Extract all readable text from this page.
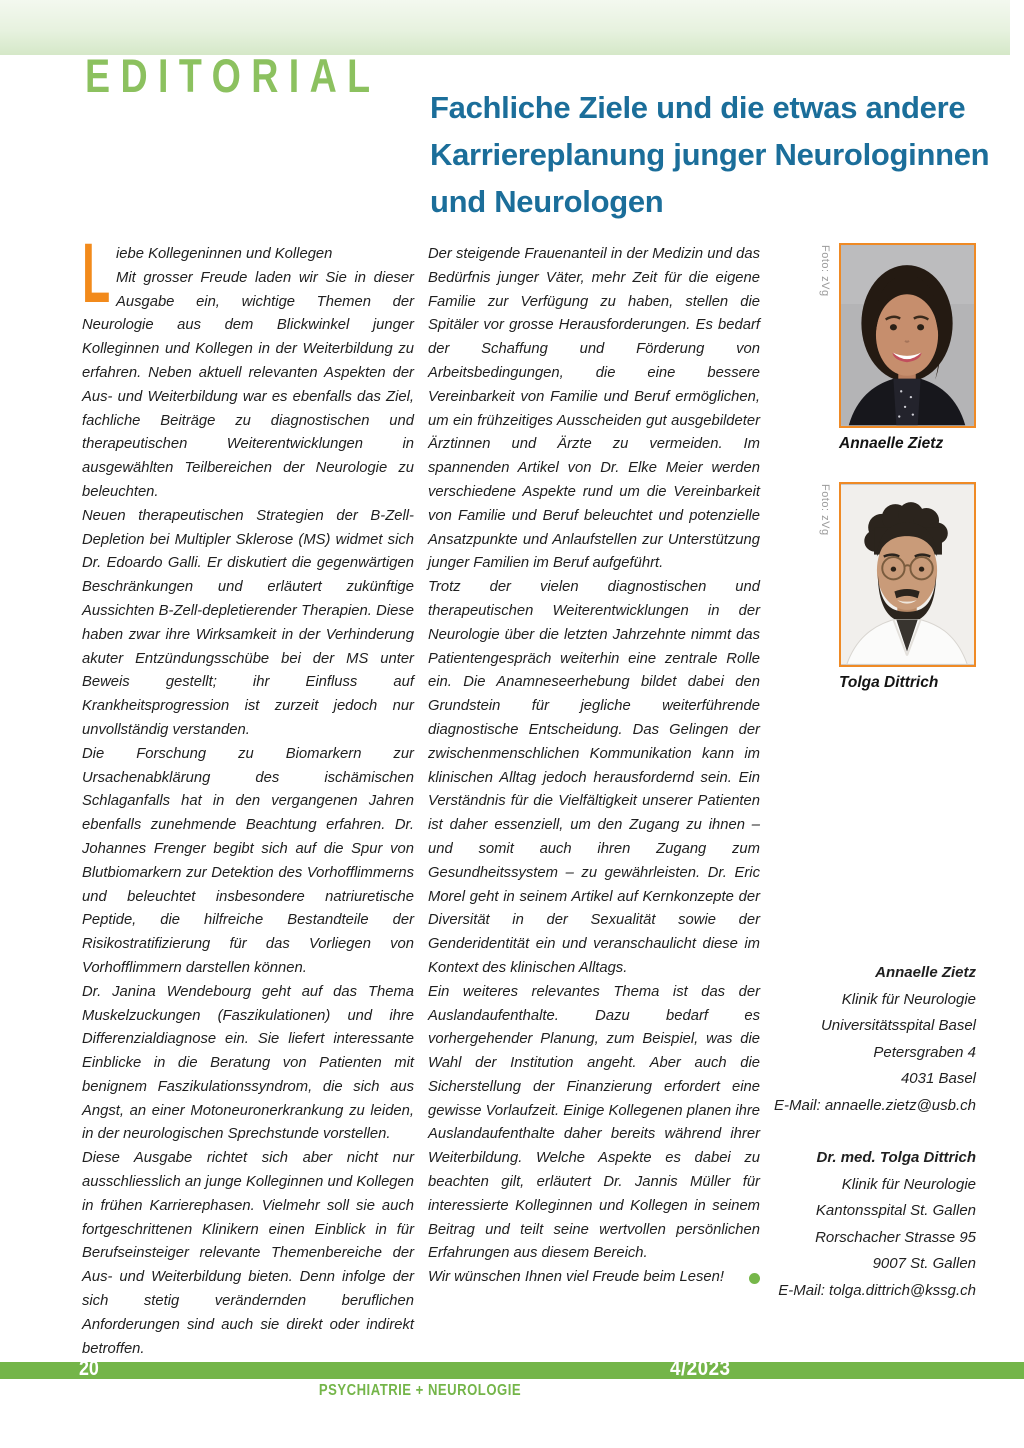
EDITORIAL
Fachliche Ziele und die etwas andere Karriereplanung junger Neurologinnen und Neurologen

Liebe Kollegeninnen und Kollegen
Mit grosser Freude laden wir Sie in dieser Ausgabe ein, wichtige Themen der Neurologie aus dem Blickwinkel junger Kolleginnen und Kollegen in der Weiterbildung zu erfahren. Neben aktuell relevanten Aspekten der Aus- und Weiterbildung war es ebenfalls das Ziel, fachliche Beiträge zu diagnostischen und therapeutischen Weiterentwicklungen in ausgewählten Teilbereichen der Neurologie zu beleuchten.

Neuen therapeutischen Strategien der B-Zell-Depletion bei Multipler Sklerose (MS) widmet sich Dr. Edoardo Galli. Er diskutiert die gegenwärtigen Beschränkungen und erläutert zukünftige Aussichten B-Zell-depletierender Therapien. Diese haben zwar ihre Wirksamkeit in der Verhinderung akuter Entzündungsschübe bei der MS unter Beweis gestellt; ihr Einfluss auf Krankheitsprogression ist zurzeit jedoch nur unvollständig verstanden.

Die Forschung zu Biomarkern zur Ursachenabklärung des ischämischen Schlaganfalls hat in den vergangenen Jahren ebenfalls zunehmende Beachtung erfahren. Dr. Johannes Frenger begibt sich auf die Spur von Blutbiomarkern zur Detektion des Vorhofflimmerns und beleuchtet insbesondere natriuretische Peptide, die hilfreiche Bestandteile der Risikostratifizierung für das Vorliegen von Vorhofflimmern darstellen können.

Dr. Janina Wendebourg geht auf das Thema Muskelzuckungen (Faszikulationen) und ihre Differenzialdiagnose ein. Sie liefert interessante Einblicke in die Beratung von Patienten mit benignem Faszikulationssyndrom, die sich aus Angst, an einer Motoneuronerkrankung zu leiden, in der neurologischen Sprechstunde vorstellen.

Diese Ausgabe richtet sich aber nicht nur ausschliesslich an junge Kolleginnen und Kollegen in frühen Karrierephasen. Vielmehr soll sie auch fortgeschrittenen Klinikern einen Einblick in für Berufseinsteiger relevante Themenbereiche der Aus- und Weiterbildung bieten. Denn infolge der sich stetig verändernden beruflichen Anforderungen sind auch sie direkt oder indirekt betroffen.

Der steigende Frauenanteil in der Medizin und das Bedürfnis junger Väter, mehr Zeit für die eigene Familie zur Verfügung zu haben, stellen die Spitäler vor grosse Herausforderungen. Es bedarf der Schaffung und Förderung von Arbeitsbedingungen, die eine bessere Vereinbarkeit von Familie und Beruf ermöglichen, um ein frühzeitiges Ausscheiden gut ausgebildeter Ärztinnen und Ärzte zu vermeiden. Im spannenden Artikel von Dr. Elke Meier werden verschiedene Aspekte rund um die Vereinbarkeit von Familie und Beruf beleuchtet und potenzielle Ansatzpunkte und Anlaufstellen zur Unterstützung junger Familien im Beruf aufgeführt.

Trotz der vielen diagnostischen und therapeutischen Weiterentwicklungen in der Neurologie über die letzten Jahrzehnte nimmt das Patientengespräch weiterhin eine zentrale Rolle ein. Die Anamneseerhebung bildet dabei den Grundstein für jegliche weiterführende diagnostische Entscheidung. Das Gelingen der zwischenmenschlichen Kommunikation kann im klinischen Alltag jedoch herausfordernd sein. Ein Verständnis für die Vielfältigkeit unserer Patienten ist daher essenziell, um den Zugang zu ihnen – und somit auch ihren Zugang zum Gesundheitssystem – zu gewährleisten. Dr. Eric Morel geht in seinem Artikel auf Kernkonzepte der Diversität in der Sexualität sowie der Genderidentität ein und veranschaulicht diese im Kontext des klinischen Alltags.

Ein weiteres relevantes Thema ist das der Auslandaufenthalte. Dazu bedarf es vorhergehender Planung, zum Beispiel, was die Wahl der Institution angeht. Aber auch die Sicherstellung der Finanzierung erfordert eine gewisse Vorlaufzeit. Einige Kollegenen planen ihre Auslandaufenthalte daher bereits während ihrer Weiterbildung. Welche Aspekte es dabei zu beachten gilt, erläutert Dr. Jannis Müller für interessierte Kolleginnen und Kollegen in seinem Beitrag und teilt seine wertvollen persönlichen Erfahrungen aus diesem Bereich.

Wir wünschen Ihnen viel Freude beim Lesen!

Foto: zVg
Annaelle Zietz
Foto: zVg
Tolga Dittrich
Annaelle Zietz
Klinik für Neurologie
Universitätsspital Basel
Petersgraben 4
4031 Basel
E-Mail: annaelle.zietz@usb.ch
Dr. med. Tolga Dittrich
Klinik für Neurologie
Kantonsspital St. Gallen
Rorschacher Strasse 95
9007 St. Gallen
E-Mail: tolga.dittrich@kssg.ch
20	4/2023
PSYCHIATRIE + NEUROLOGIE
